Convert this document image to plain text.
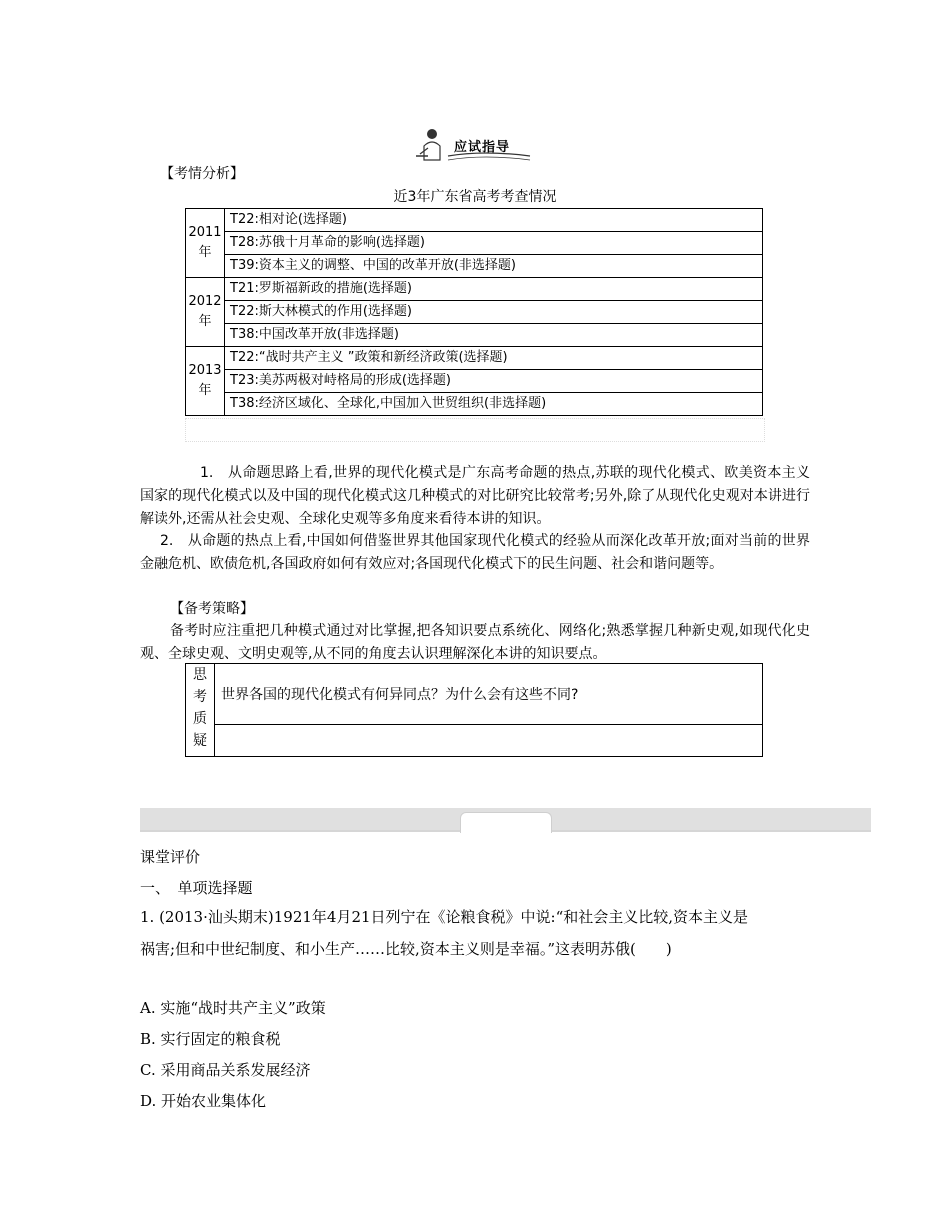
应试指导
【考情分析】
近3年广东省高考考查情况
2011年	T22:相对论(选择题)
	T28:苏俄十月革命的影响(选择题)
	T39:资本主义的调整、中国的改革开放(非选择题)
2012年	T21:罗斯福新政的措施(选择题)
	T22:斯大林模式的作用(选择题)
	T38:中国改革开放(非选择题)
2013年	T22:“战时共产主义 ”政策和新经济政策(选择题)
	T23:美苏两极对峙格局的形成(选择题)
	T38:经济区域化、全球化,中国加入世贸组织(非选择题)
1.　从命题思路上看,世界的现代化模式是广东高考命题的热点,苏联的现代化模式、欧美资本主义国家的现代化模式以及中国的现代化模式这几种模式的对比研究比较常考;另外,除了从现代化史观对本讲进行解读外,还需从社会史观、全球化史观等多角度来看待本讲的知识。
2.　从命题的热点上看,中国如何借鉴世界其他国家现代化模式的经验从而深化改革开放;面对当前的世界金融危机、欧债危机,各国政府如何有效应对;各国现代化模式下的民生问题、社会和谐问题等。
【备考策略】
备考时应注重把几种模式通过对比掌握,把各知识要点系统化、网络化;熟悉掌握几种新史观,如现代化史观、全球史观、文明史观等,从不同的角度去认识理解深化本讲的知识要点。
思
考
质
疑
	世界各国的现代化模式有何异同点？为什么会有这些不同?

课堂评价
一、　单项选择题
1. (2013·汕头期末)1921年4月21日列宁在《论粮食税》中说:“和社会主义比较,资本主义是
祸害;但和中世纪制度、和小生产……比较,资本主义则是幸福。”这表明苏俄(　　)
A. 实施“战时共产主义”政策
B. 实行固定的粮食税
C. 采用商品关系发展经济
D. 开始农业集体化
